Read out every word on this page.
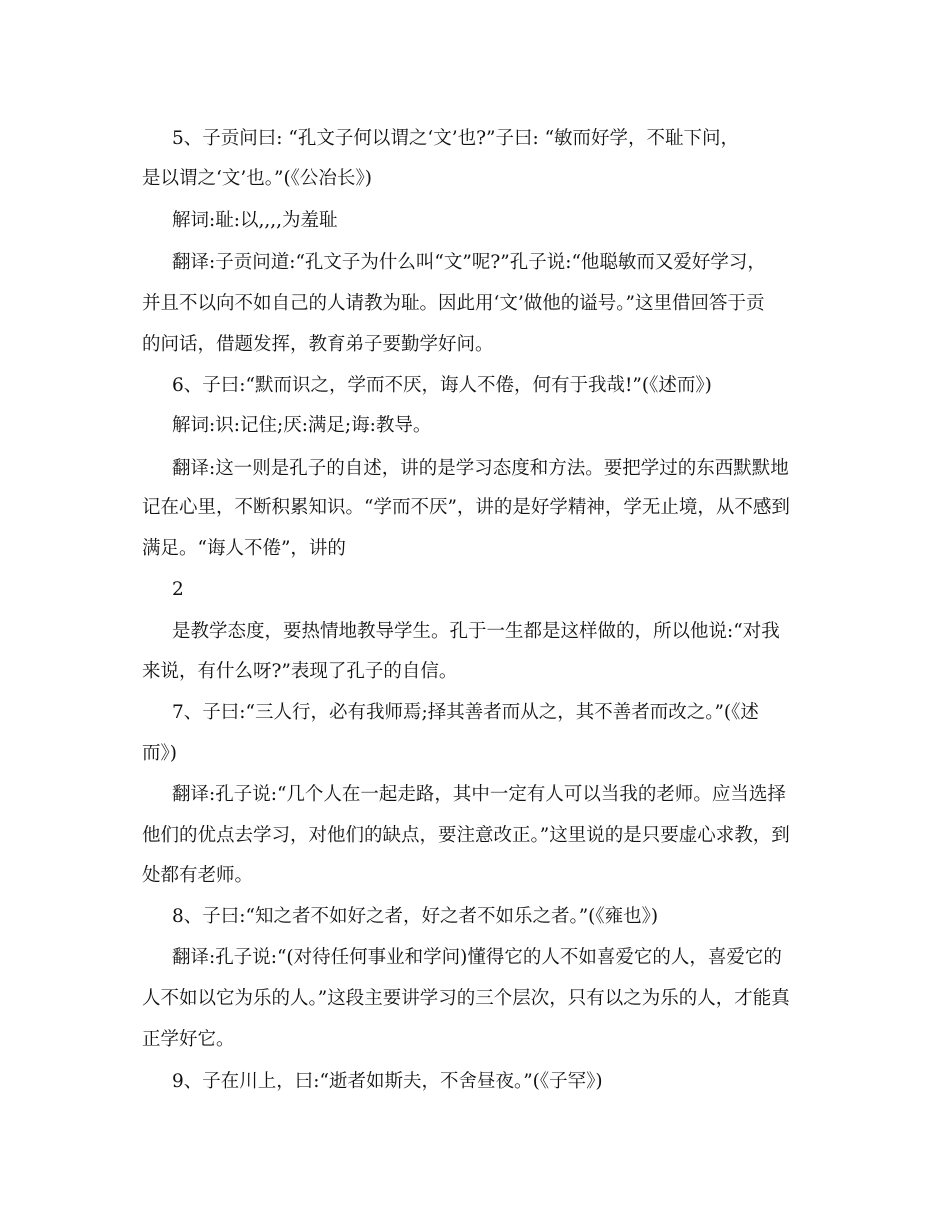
5、子贡问曰: “孔文子何以谓之‘文’也?”子曰: “敏而好学，不耻下问，

是以谓之‘文’也。”(《公冶长》)

解词:耻:以,,,,为羞耻

翻译:子贡问道:“孔文子为什么叫“文”呢?”孔子说:“他聪敏而又爱好学习，

并且不以向不如自己的人请教为耻。因此用‘文’做他的谥号。”这里借回答于贡

的问话，借题发挥，教育弟子要勤学好问。

6、子曰:“默而识之，学而不厌，诲人不倦，何有于我哉!”(《述而》)

解词:识:记住;厌:满足;诲:教导。

翻译:这一则是孔子的自述，讲的是学习态度和方法。要把学过的东西默默地

记在心里，不断积累知识。“学而不厌”，讲的是好学精神，学无止境，从不感到

满足。“诲人不倦”，讲的

2

是教学态度，要热情地教导学生。孔于一生都是这样做的，所以他说:“对我

来说，有什么呀?”表现了孔子的自信。

7、子曰:“三人行，必有我师焉;择其善者而从之，其不善者而改之。”(《述

而》)

翻译:孔子说:“几个人在一起走路，其中一定有人可以当我的老师。应当选择

他们的优点去学习，对他们的缺点，要注意改正。”这里说的是只要虚心求教，到

处都有老师。

8、子曰:“知之者不如好之者，好之者不如乐之者。”(《雍也》)

翻译:孔子说:“(对待任何事业和学问)懂得它的人不如喜爱它的人，喜爱它的

人不如以它为乐的人。”这段主要讲学习的三个层次，只有以之为乐的人，才能真

正学好它。

9、子在川上，曰:“逝者如斯夫，不舍昼夜。”(《子罕》)
